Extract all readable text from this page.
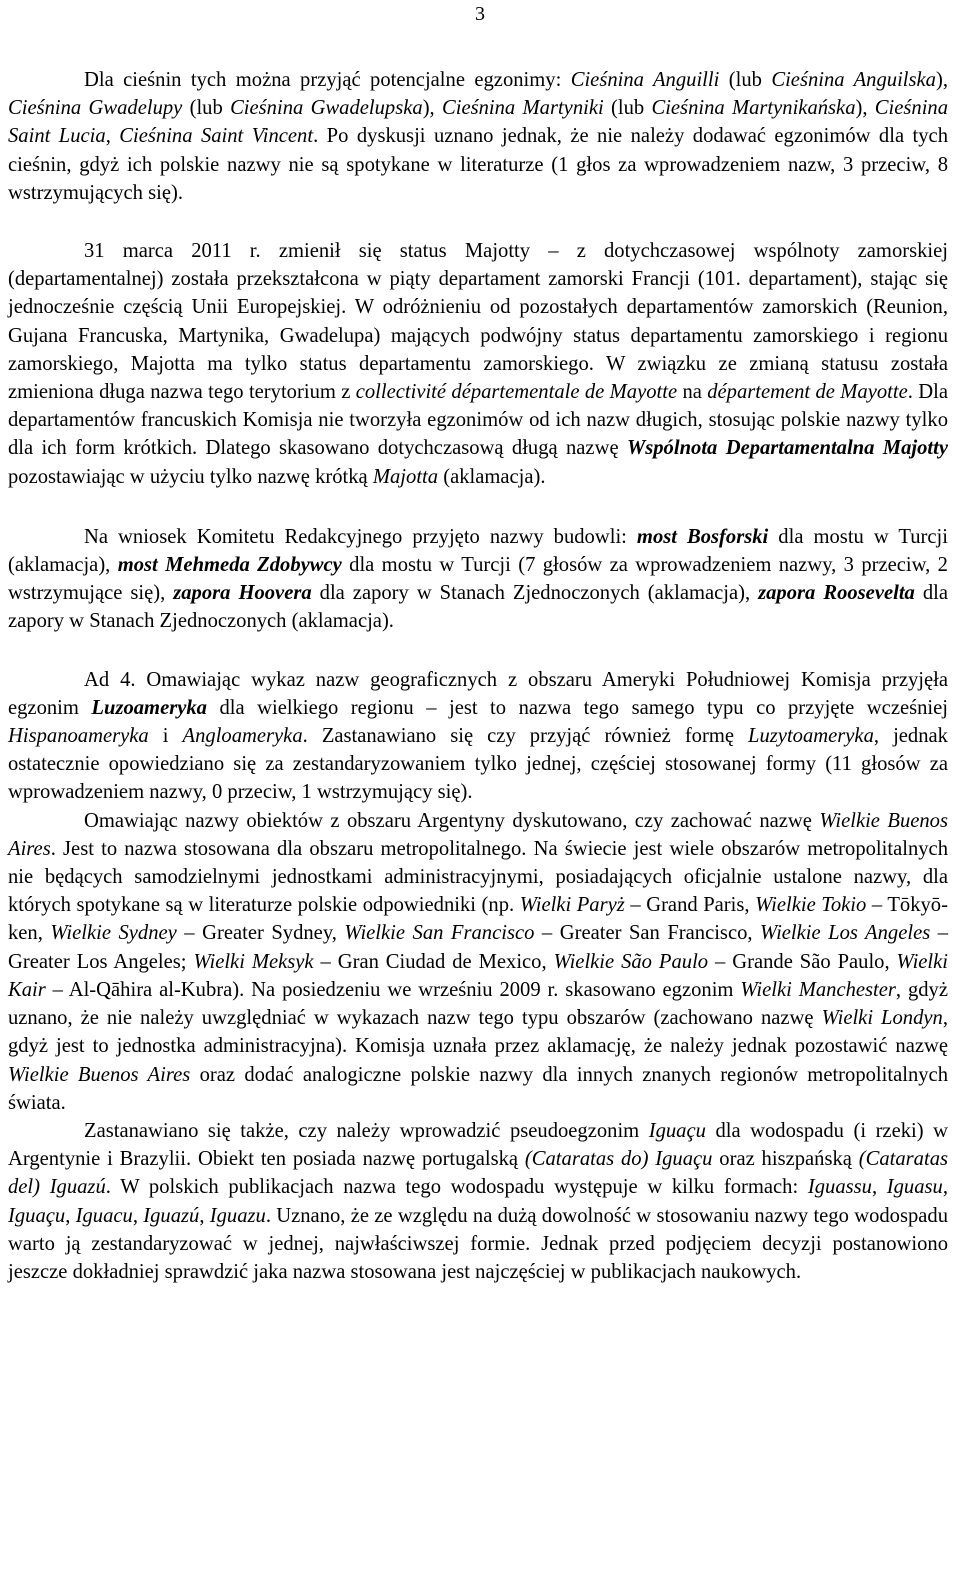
3

Dla cieśnin tych można przyjąć potencjalne egzonimy: Cieśnina Anguilli (lub Cieśnina Anguilska), Cieśnina Gwadelupy (lub Cieśnina Gwadelupska), Cieśnina Martyniki (lub Cieśnina Martynikańska), Cieśnina Saint Lucia, Cieśnina Saint Vincent. Po dyskusji uznano jednak, że nie należy dodawać egzonimów dla tych cieśnin, gdyż ich polskie nazwy nie są spotykane w literaturze (1 głos za wprowadzeniem nazw, 3 przeciw, 8 wstrzymujących się).

31 marca 2011 r. zmienił się status Majotty – z dotychczasowej wspólnoty zamorskiej (departamentalnej) została przekształcona w piąty departament zamorski Francji (101. departament), stając się jednocześnie częścią Unii Europejskiej. W odróżnieniu od pozostałych departamentów zamorskich (Reunion, Gujana Francuska, Martynika, Gwadelupa) mających podwójny status departamentu zamorskiego i regionu zamorskiego, Majotta ma tylko status departamentu zamorskiego. W związku ze zmianą statusu została zmieniona długa nazwa tego terytorium z collectivité départementale de Mayotte na département de Mayotte. Dla departamentów francuskich Komisja nie tworzyła egzonimów od ich nazw długich, stosując polskie nazwy tylko dla ich form krótkich. Dlatego skasowano dotychczasową długą nazwę Wspólnota Departamentalna Majotty pozostawiając w użyciu tylko nazwę krótką Majotta (aklamacja).

Na wniosek Komitetu Redakcyjnego przyjęto nazwy budowli: most Bosforski dla mostu w Turcji (aklamacja), most Mehmeda Zdobywcy dla mostu w Turcji (7 głosów za wprowadzeniem nazwy, 3 przeciw, 2 wstrzymujące się), zapora Hoovera dla zapory w Stanach Zjednoczonych (aklamacja), zapora Roosevelta dla zapory w Stanach Zjednoczonych (aklamacja).

Ad 4. Omawiając wykaz nazw geograficznych z obszaru Ameryki Południowej Komisja przyjęła egzonim Luzoameryka dla wielkiego regionu – jest to nazwa tego samego typu co przyjęte wcześniej Hispanoameryka i Angloameryka. Zastanawiano się czy przyjąć również formę Luzytoameryka, jednak ostatecznie opowiedziano się za zestandaryzowaniem tylko jednej, częściej stosowanej formy (11 głosów za wprowadzeniem nazwy, 0 przeciw, 1 wstrzymujący się).

Omawiając nazwy obiektów z obszaru Argentyny dyskutowano, czy zachować nazwę Wielkie Buenos Aires. Jest to nazwa stosowana dla obszaru metropolitalnego. Na świecie jest wiele obszarów metropolitalnych nie będących samodzielnymi jednostkami administracyjnymi, posiadających oficjalnie ustalone nazwy, dla których spotykane są w literaturze polskie odpowiedniki (np. Wielki Paryż – Grand Paris, Wielkie Tokio – Tōkyō-ken, Wielkie Sydney – Greater Sydney, Wielkie San Francisco – Greater San Francisco, Wielkie Los Angeles – Greater Los Angeles; Wielki Meksyk – Gran Ciudad de Mexico, Wielkie São Paulo – Grande São Paulo, Wielki Kair – Al-Qāhira al-Kubra). Na posiedzeniu we wrześniu 2009 r. skasowano egzonim Wielki Manchester, gdyż uznano, że nie należy uwzględniać w wykazach nazw tego typu obszarów (zachowano nazwę Wielki Londyn, gdyż jest to jednostka administracyjna). Komisja uznała przez aklamację, że należy jednak pozostawić nazwę Wielkie Buenos Aires oraz dodać analogiczne polskie nazwy dla innych znanych regionów metropolitalnych świata.

Zastanawiano się także, czy należy wprowadzić pseudoegzonim Iguaçu dla wodospadu (i rzeki) w Argentynie i Brazylii. Obiekt ten posiada nazwę portugalską (Cataratas do) Iguaçu oraz hiszpańską (Cataratas del) Iguazú. W polskich publikacjach nazwa tego wodospadu występuje w kilku formach: Iguassu, Iguasu, Iguaçu, Iguacu, Iguazú, Iguazu. Uznano, że ze względu na dużą dowolność w stosowaniu nazwy tego wodospadu warto ją zestandaryzować w jednej, najwłaściwszej formie. Jednak przed podjęciem decyzji postanowiono jeszcze dokładniej sprawdzić jaka nazwa stosowana jest najczęściej w publikacjach naukowych.
